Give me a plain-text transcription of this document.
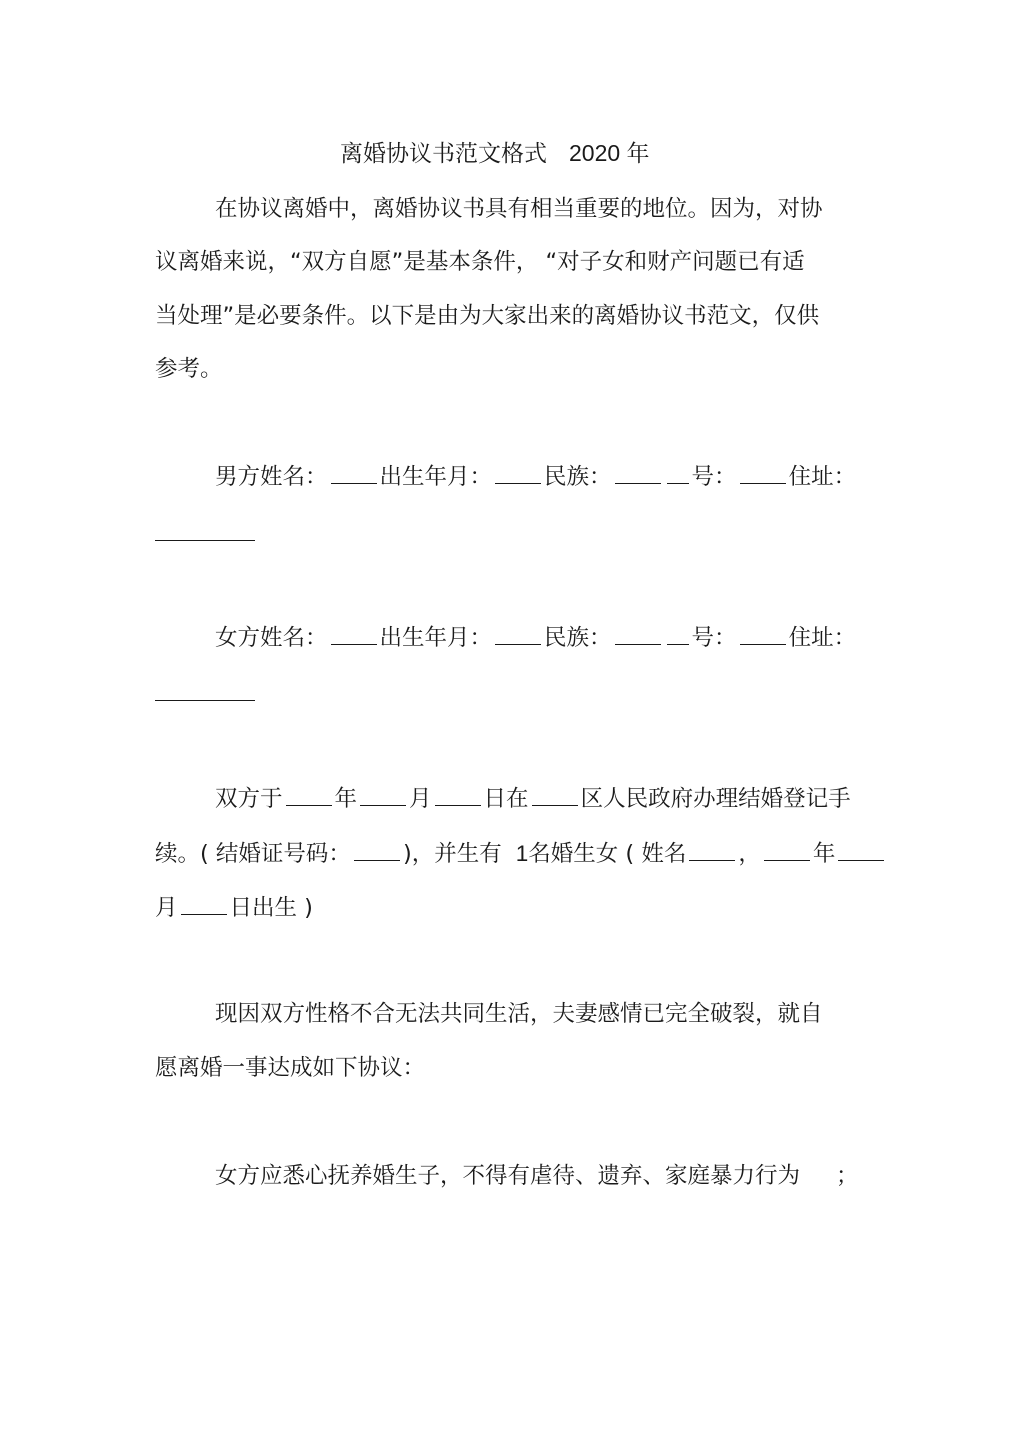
离婚协议书范文格式 2020 年
在协议离婚中，离婚协议书具有相当重要的地位。因为，对协
议离婚来说，“双方自愿”是基本条件， “对子女和财产问题已有适
当处理”是必要条件。以下是由为大家出来的离婚协议书范文，仅供
参考。
男方姓名： 出生年月： 民族：	号： 住址：
女方姓名： 出生年月： 民族：	号： 住址：
双方于 年 月 日在 区人民政府办理结婚登记手
续。( 结婚证号码： )，并生有 1名婚生女 ( 姓名 ， 年
月 日出生 )
现因双方性格不合无法共同生活，夫妻感情已完全破裂，就自
愿离婚一事达成如下协议：
女方应悉心抚养婚生子，不得有虐待、遗弃、家庭暴力行为 ；
